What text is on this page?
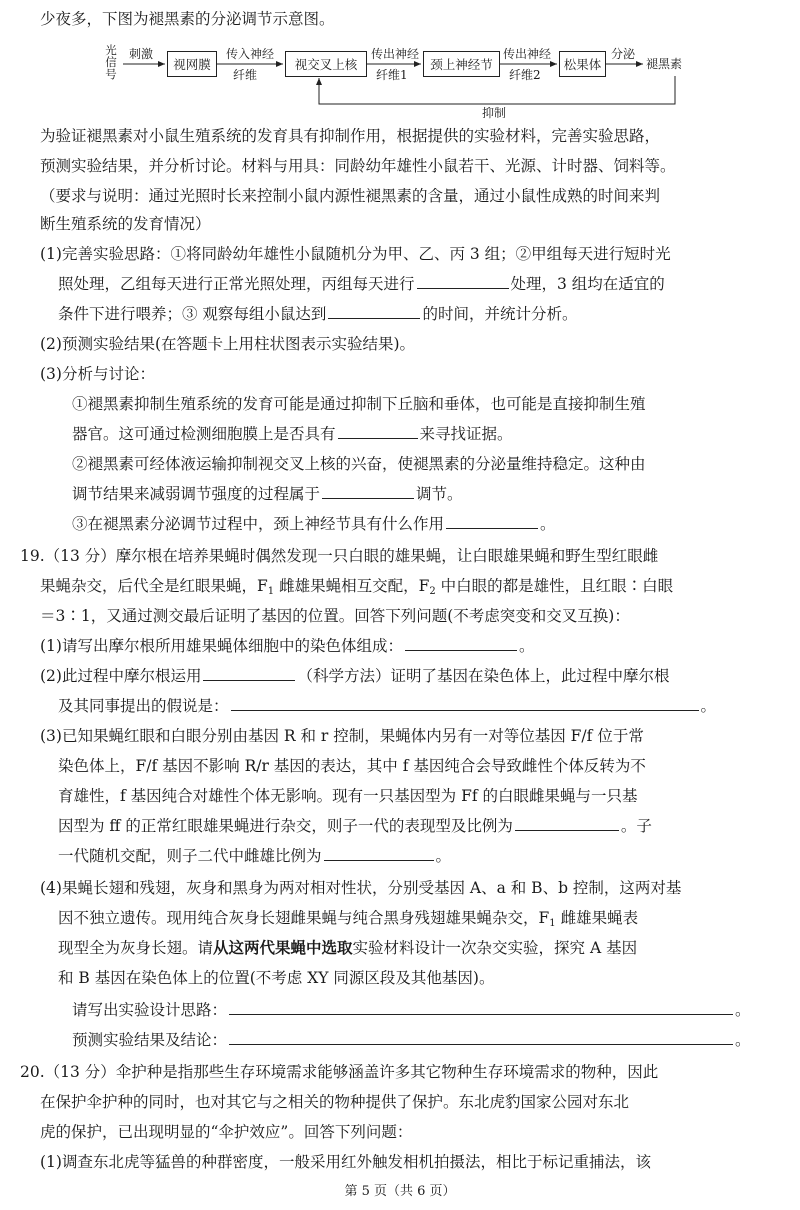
少夜多，下图为褪黑素的分泌调节示意图。
光信号
刺激
视网膜
传入神经
纤维
视交叉上核
传出神经
纤维1
颈上神经节
传出神经
纤维2
松果体
分泌
褪黑素
抑制
为验证褪黑素对小鼠生殖系统的发育具有抑制作用，根据提供的实验材料，完善实验思路，
预测实验结果，并分析讨论。材料与用具：同龄幼年雄性小鼠若干、光源、计时器、饲料等。
（要求与说明：通过光照时长来控制小鼠内源性褪黑素的含量，通过小鼠性成熟的时间来判
断生殖系统的发育情况）
(1)完善实验思路：①将同龄幼年雄性小鼠随机分为甲、乙、丙 3 组；②甲组每天进行短时光
照处理，乙组每天进行正常光照处理，丙组每天进行	处理，3 组均在适宜的
条件下进行喂养；③ 观察每组小鼠达到	的时间，并统计分析。
(2)预测实验结果(在答题卡上用柱状图表示实验结果)。
(3)分析与讨论：
①褪黑素抑制生殖系统的发育可能是通过抑制下丘脑和垂体，也可能是直接抑制生殖
器官。这可通过检测细胞膜上是否具有	来寻找证据。
②褪黑素可经体液运输抑制视交叉上核的兴奋，使褪黑素的分泌量维持稳定。这种由
调节结果来减弱调节强度的过程属于	调节。
③在褪黑素分泌调节过程中，颈上神经节具有什么作用	。
19.（13 分）摩尔根在培养果蝇时偶然发现一只白眼的雄果蝇，让白眼雄果蝇和野生型红眼雌
果蝇杂交，后代全是红眼果蝇，$F_1$ 雌雄果蝇相互交配，$F_2$ 中白眼的都是雄性，且红眼∶白眼
＝3∶1，又通过测交最后证明了基因的位置。回答下列问题(不考虑突变和交叉互换)：
(1)请写出摩尔根所用雄果蝇体细胞中的染色体组成：	。
(2)此过程中摩尔根运用	（科学方法）证明了基因在染色体上，此过程中摩尔根
及其同事提出的假说是：	。
(3)已知果蝇红眼和白眼分别由基因 R 和 r 控制，果蝇体内另有一对等位基因 F/f 位于常
染色体上，F/f 基因不影响 R/r 基因的表达，其中 f 基因纯合会导致雌性个体反转为不
育雄性，f 基因纯合对雄性个体无影响。现有一只基因型为 Ff 的白眼雌果蝇与一只基
因型为 ff 的正常红眼雄果蝇进行杂交，则子一代的表现型及比例为	。子
一代随机交配，则子二代中雌雄比例为	。
(4)果蝇长翅和残翅，灰身和黑身为两对相对性状，分别受基因 A、a 和 B、b 控制，这两对基
因不独立遗传。现用纯合灰身长翅雌果蝇与纯合黑身残翅雄果蝇杂交，$F_1$ 雌雄果蝇表
现型全为灰身长翅。请从这两代果蝇中选取实验材料设计一次杂交实验，探究 A 基因
和 B 基因在染色体上的位置(不考虑 XY 同源区段及其他基因)。
请写出实验设计思路：	。
预测实验结果及结论：	。
20.（13 分）伞护种是指那些生存环境需求能够涵盖许多其它物种生存环境需求的物种，因此
在保护伞护种的同时，也对其它与之相关的物种提供了保护。东北虎豹国家公园对东北
虎的保护，已出现明显的“伞护效应”。回答下列问题：
(1)调查东北虎等猛兽的种群密度，一般采用红外触发相机拍摄法，相比于标记重捕法，该
第 5 页（共 6 页）
